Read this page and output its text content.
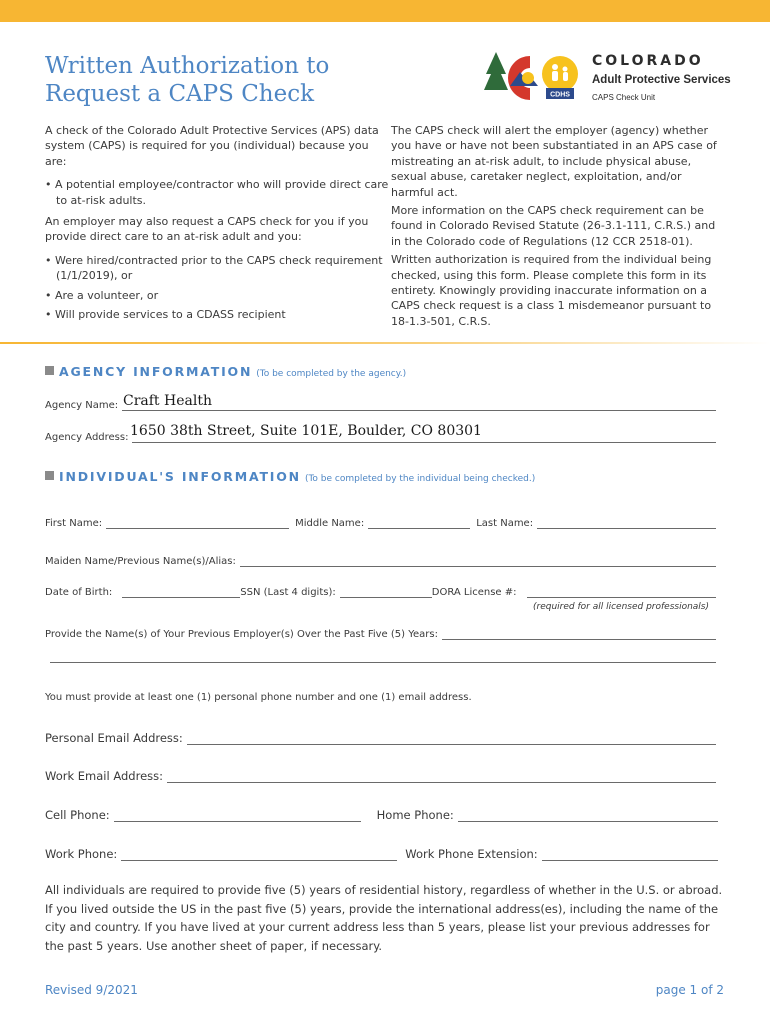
Written Authorization to
Request a CAPS Check	CDHS
COLORADO
Adult Protective Services
CAPS Check Unit

A check of the Colorado Adult Protective Services (APS) data system (CAPS) is required for you (individual) because you are:

• A potential employee/contractor who will provide direct care to at-risk adults.

An employer may also request a CAPS check for you if you provide direct care to an at-risk adult and you:

• Were hired/contracted prior to the CAPS check requirement (1/1/2019), or
• Are a volunteer, or
• Will provide services to a CDASS recipient

The CAPS check will alert the employer (agency) whether you have or have not been substantiated in an APS case of mistreating an at-risk adult, to include physical abuse, sexual abuse, caretaker neglect, exploitation, and/or harmful act.

More information on the CAPS check requirement can be found in Colorado Revised Statute (26-3.1-111, C.R.S.) and in the Colorado code of Regulations (12 CCR 2518-01).

Written authorization is required from the individual being checked, using this form. Please complete this form in its entirety. Knowingly providing inaccurate information on a CAPS check request is a class 1 misdemeanor pursuant to 18-1.3-501, C.R.S.

AGENCY INFORMATION (To be completed by the agency.)
Agency Name: Craft Health
Agency Address: 1650 38th Street, Suite 101E, Boulder, CO 80301
INDIVIDUAL'S INFORMATION (To be completed by the individual being checked.)
First Name:	Middle Name:	Last Name:
Maiden Name/Previous Name(s)/Alias:
Date of Birth:	SSN (Last 4 digits):	DORA License #:
(required for all licensed professionals)
Provide the Name(s) of Your Previous Employer(s) Over the Past Five (5) Years:
You must provide at least one (1) personal phone number and one (1) email address.
Personal Email Address:
Work Email Address:
Cell Phone:	Home Phone:
Work Phone:	Work Phone Extension:
All individuals are required to provide five (5) years of residential history, regardless of whether in the U.S. or abroad. If you lived outside the US in the past five (5) years, provide the international address(es), including the name of the city and country. If you have lived at your current address less than 5 years, please list your previous addresses for the past 5 years. Use another sheet of paper, if necessary.
Revised 9/2021	page 1 of 2
